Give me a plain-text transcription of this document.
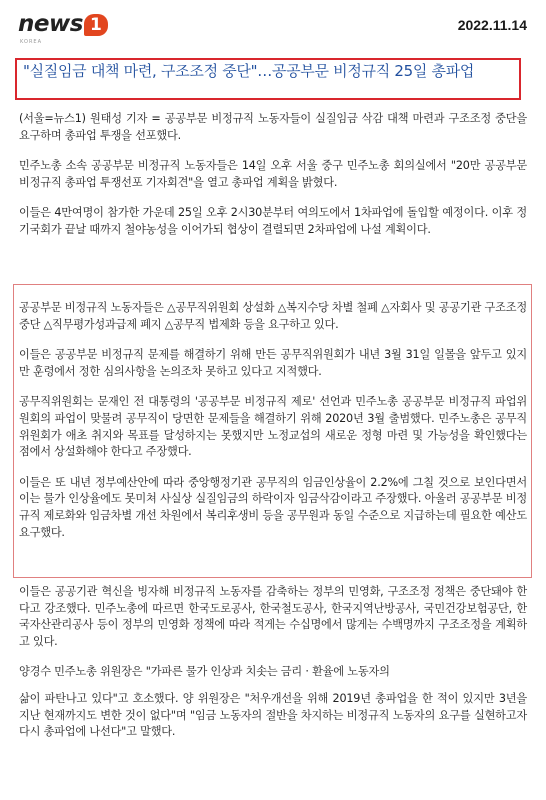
news 1
KOREA
2022.11.14
"실질임금 대책 마련, 구조조정 중단"…공공부문 비정규직 25일 총파업

(서울=뉴스1) 원태성 기자 = 공공부문 비정규직 노동자들이 실질임금 삭감 대책 마련과 구조조정 중단을 요구하며 총파업 투쟁을 선포했다.

민주노총 소속 공공부문 비정규직 노동자들은 14일 오후 서울 중구 민주노총 회의실에서 "20만 공공부문 비정규직 총파업 투쟁선포 기자회견"을 열고 총파업 계획을 밝혔다.

이들은 4만여명이 참가한 가운데 25일 오후 2시30분부터 여의도에서 1차파업에 돌입할 예정이다. 이후 정기국회가 끝날 때까지 철야농성을 이어가되 협상이 결렬되면 2차파업에 나설 계획이다.

공공부문 비정규직 노동자들은 △공무직위원회 상설화 △복지수당 차별 철폐 △자회사 및 공공기관 구조조정 중단 △직무평가성과급제 폐지 △공무직 법제화 등을 요구하고 있다.

이들은 공공부문 비정규직 문제를 해결하기 위해 만든 공무직위원회가 내년 3월 31일 일몰을 앞두고 있지만 훈령에서 정한 심의사항을 논의조차 못하고 있다고 지적했다.

공무직위원회는 문재인 전 대통령의 '공공부문 비정규직 제로' 선언과 민주노총 공공부문 비정규직 파업위원회의 파업이 맞물려 공무직이 당면한 문제들을 해결하기 위해 2020년 3월 출범했다. 민주노총은 공무직위원회가 애초 취지와 목표를 달성하지는 못했지만 노정교섭의 새로운 정형 마련 및 가능성을 확인했다는 점에서 상설화해야 한다고 주장했다.

이들은 또 내년 정부예산안에 따라 중앙행정기관 공무직의 임금인상율이 2.2%에 그칠 것으로 보인다면서 이는 물가 인상율에도 못미쳐 사실상 실질임금의 하락이자 임금삭감이라고 주장했다. 아울러 공공부문 비정규직 제로화와 임금차별 개선 차원에서 복리후생비 등을 공무원과 동일 수준으로 지급하는데 필요한 예산도 요구했다.

이들은 공공기관 혁신을 빙자해 비정규직 노동자를 감축하는 정부의 민영화, 구조조정 정책은 중단돼야 한다고 강조했다. 민주노총에 따르면 한국도로공사, 한국철도공사, 한국지역난방공사, 국민건강보험공단, 한국자산관리공사 등이 정부의 민영화 정책에 따라 적게는 수십명에서 많게는 수백명까지 구조조정을 계획하고 있다.

양경수 민주노총 위원장은 "가파른 물가 인상과 치솟는 금리 · 환율에 노동자의

삶이 파탄나고 있다"고 호소했다. 양 위원장은 "처우개선을 위해 2019년 총파업을 한 적이 있지만 3년을 지난 현재까지도 변한 것이 없다"며 "임금 노동자의 절반을 차지하는 비정규직 노동자의 요구를 실현하고자 다시 총파업에 나선다"고 말했다.
